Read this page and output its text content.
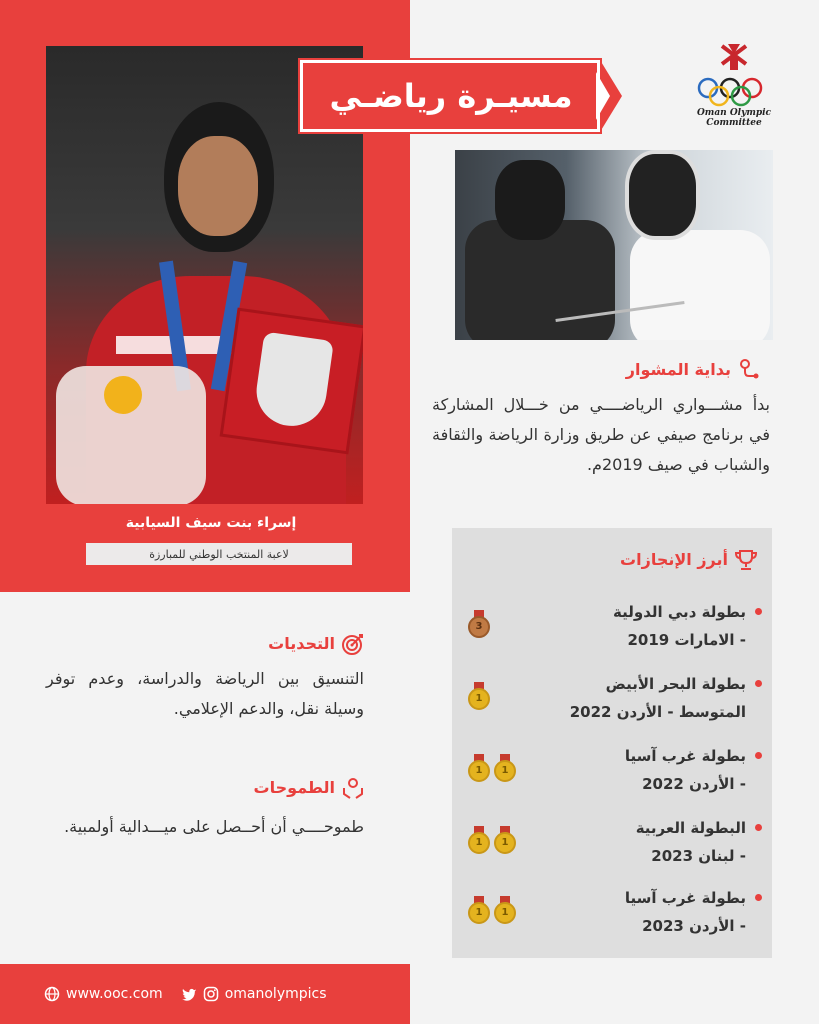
إسراء بنت سيف السيابية
لاعبة المنتخب الوطني للمبارزة
مسيـرة رياضـي	Oman Olympic Committee
بداية المشوار
بدأ مشـــواري الرياضــــي من خـــلال المشاركة في برنامج صيفي عن طريق وزارة الرياضة والثقافة والشباب في صيف 2019م.
التحديات
التنسيق بين الرياضة والدراسة، وعدم توفر وسيلة نقل، والدعم الإعلامي.
الطموحات
طموحــــي أن أحــصل على ميـــدالية أولمبية.
أبرز الإنجازات
بطولة دبي الدولية
- الامارات 2019
3
بطولة البحر الأبيض
المتوسط - الأردن 2022
1
بطولة غرب آسيا
- الأردن 2022
1	1
البطولة العربية
- لبنان 2023
1	1
بطولة غرب آسيا
- الأردن 2023
1	1
www.ooc.com	omanolympics
